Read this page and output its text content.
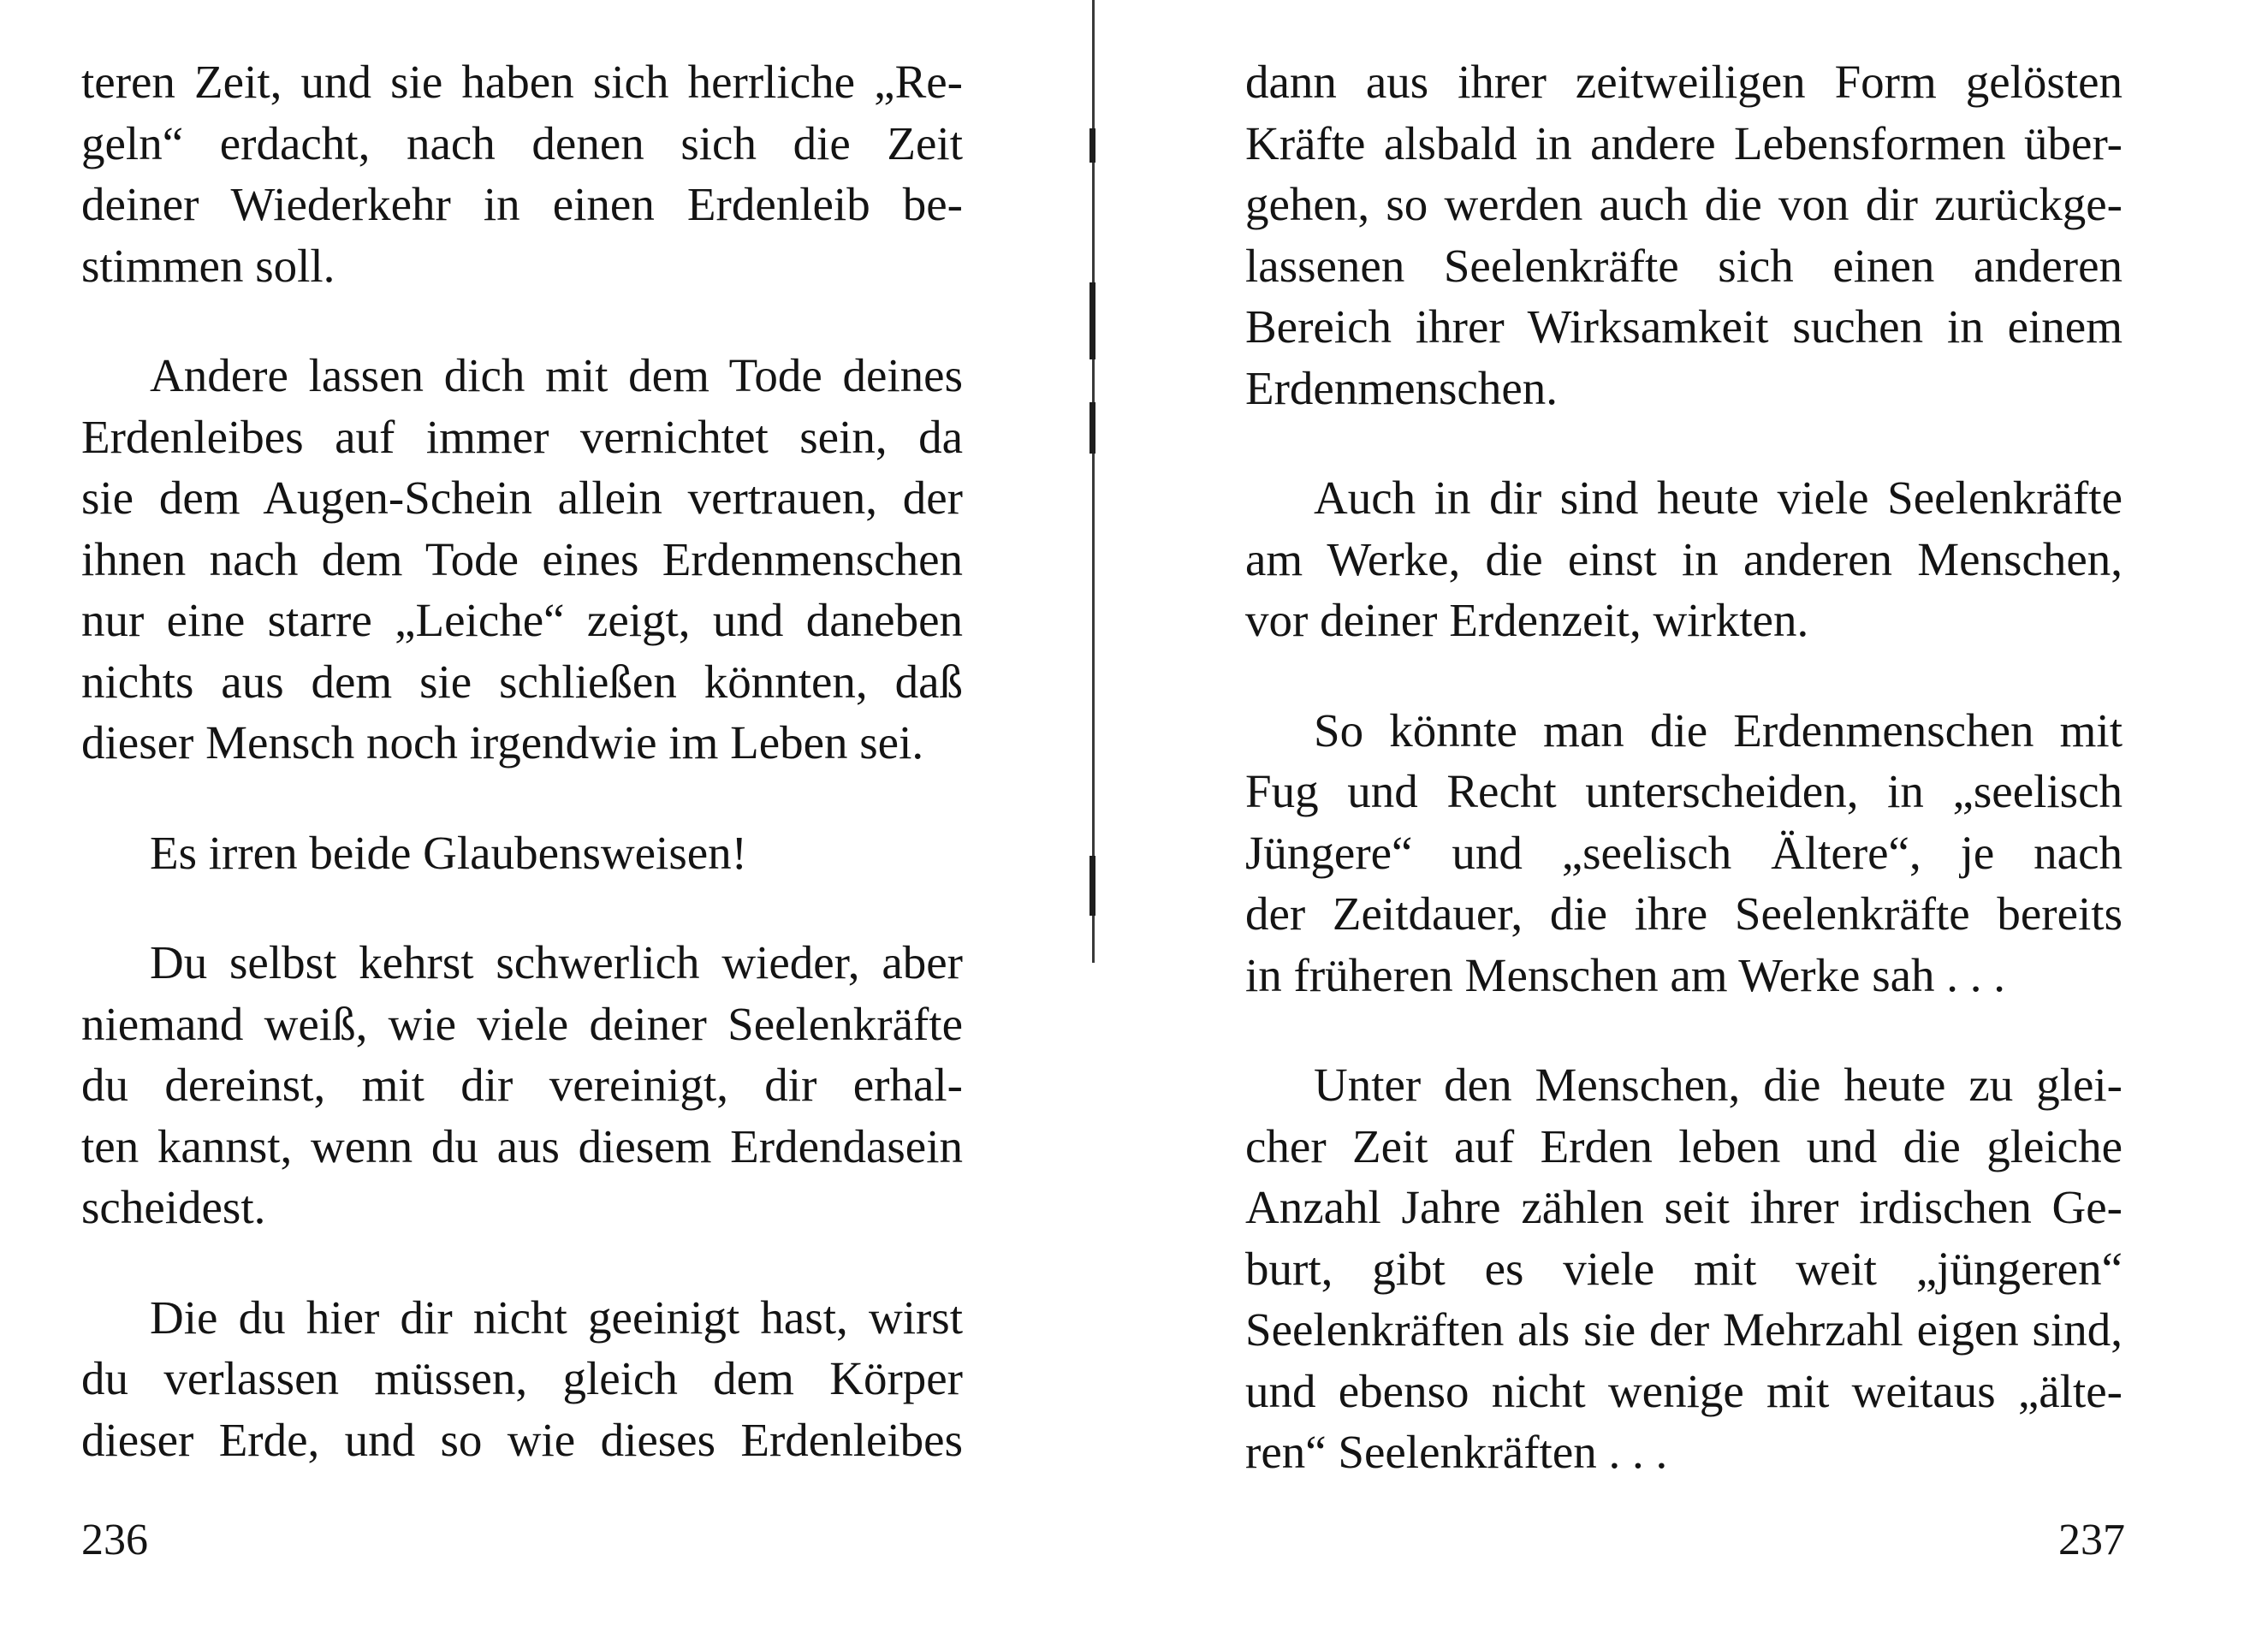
teren Zeit, und sie haben sich herrliche „Re-
geln“ erdacht, nach denen sich die Zeit
deiner Wiederkehr in einen Erdenleib be-
stimmen soll.

Andere lassen dich mit dem Tode deines
Erdenleibes auf immer vernichtet sein, da
sie dem Augen-Schein allein vertrauen, der
ihnen nach dem Tode eines Erdenmenschen
nur eine starre „Leiche“ zeigt, und daneben
nichts aus dem sie schließen könnten, daß
dieser Mensch noch irgendwie im Leben sei.

Es irren beide Glaubensweisen!

Du selbst kehrst schwerlich wieder, aber
niemand weiß, wie viele deiner Seelenkräfte
du dereinst, mit dir vereinigt, dir erhal-
ten kannst, wenn du aus diesem Erdendasein
scheidest.

Die du hier dir nicht geeinigt hast, wirst
du verlassen müssen, gleich dem Körper
dieser Erde, und so wie dieses Erdenleibes

236

dann aus ihrer zeitweiligen Form gelösten
Kräfte alsbald in andere Lebensformen über-
gehen, so werden auch die von dir zurückge-
lassenen Seelenkräfte sich einen anderen
Bereich ihrer Wirksamkeit suchen in einem
Erdenmenschen.

Auch in dir sind heute viele Seelenkräfte
am Werke, die einst in anderen Menschen,
vor deiner Erdenzeit, wirkten.

So könnte man die Erdenmenschen mit
Fug und Recht unterscheiden, in „seelisch
Jüngere“ und „seelisch Ältere“, je nach
der Zeitdauer, die ihre Seelenkräfte bereits
in früheren Menschen am Werke sah . . .

Unter den Menschen, die heute zu glei-
cher Zeit auf Erden leben und die gleiche
Anzahl Jahre zählen seit ihrer irdischen Ge-
burt, gibt es viele mit weit „jüngeren“
Seelenkräften als sie der Mehrzahl eigen sind,
und ebenso nicht wenige mit weitaus „älte-
ren“ Seelenkräften . . .

237
